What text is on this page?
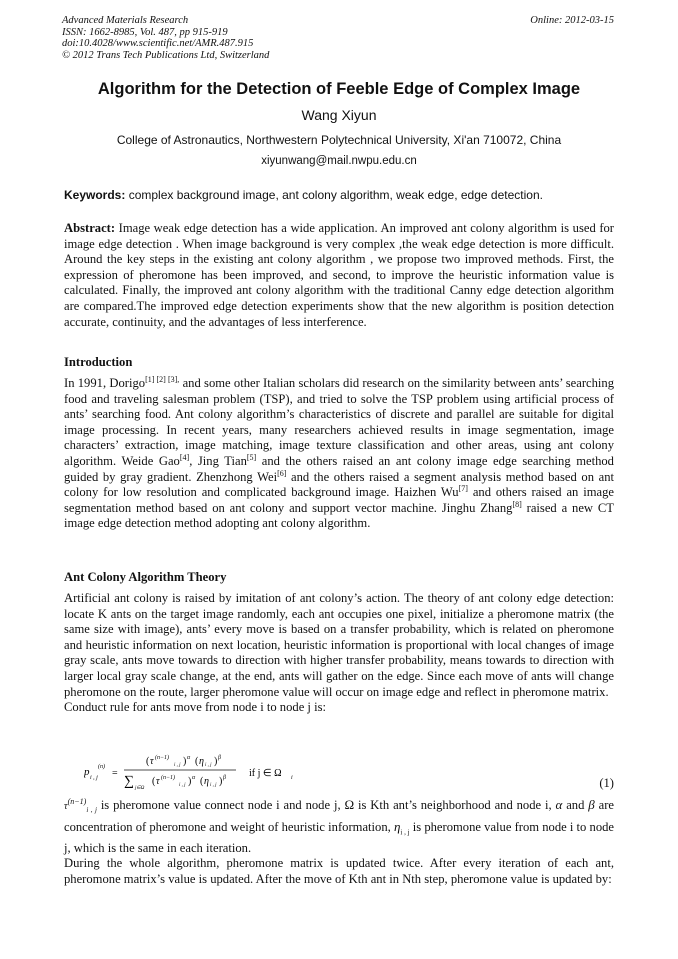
Advanced Materials Research
ISSN: 1662-8985, Vol. 487, pp 915-919
doi:10.4028/www.scientific.net/AMR.487.915
© 2012 Trans Tech Publications Ltd, Switzerland
Online: 2012-03-15
Algorithm for the Detection of Feeble Edge of Complex Image
Wang Xiyun
College of Astronautics, Northwestern Polytechnical University, Xi'an 710072, China
xiyunwang@mail.nwpu.edu.cn
Keywords: complex background image, ant colony algorithm, weak edge, edge detection.
Abstract: Image weak edge detection has a wide application. An improved ant colony algorithm is used for image edge detection . When image background is very complex ,the weak edge detection is more difficult. Around the key steps in the existing ant colony algorithm , we propose two improved methods. First, the expression of pheromone has been improved, and second, to improve the heuristic information value is calculated. Finally, the improved ant colony algorithm with the traditional Canny edge detection algorithm are compared.The improved edge detection experiments show that the new algorithm is position detection accurate, continuity, and the advantages of less interference.
Introduction
In 1991, Dorigo$^{[1] [2] [3],}$ and some other Italian scholars did research on the similarity between ants’ searching food and traveling salesman problem (TSP), and tried to solve the TSP problem using artificial process of ants’ searching food. Ant colony algorithm’s characteristics of discrete and parallel are suitable for digital image processing. In recent years, many researchers achieved results in image segmentation, image characters’ extraction, image matching, image texture classification and other areas, using ant colony algorithm. Weide Gao[4], Jing Tian[5] and the others raised an ant colony image edge searching method guided by gray gradient. Zhenzhong Wei[6] and the others raised a segment analysis method based on ant colony for low resolution and complicated background image. Haizhen Wu[7] and others raised an image segmentation method based on ant colony and support vector machine. Jinghu Zhang[8] raised a new CT image edge detection method adopting ant colony algorithm.
Ant Colony Algorithm Theory
Artificial ant colony is raised by imitation of ant colony’s action. The theory of ant colony edge detection: locate K ants on the target image randomly, each ant occupies one pixel, initialize a pheromone matrix (the same size with image), ants’ every move is based on a transfer probability, which is related on pheromone and heuristic information on next location, heuristic information is proportional with local changes of image gray scale, ants move towards to direction with higher transfer probability, means towards to direction with larger local gray scale change, at the end, ants will gather on the edge. Since each move of ants will change pheromone on the route, larger pheromone value will occur on image edge and reflect in pheromone matrix.
Conduct rule for ants move from node i to node j is:
p i , j
(n)
=
( τ (n−1)
i , j ) α ( η i , j ) β
∑ j∈Ω
( τ (n−1)
i , j ) α ( η i , j ) β if j ∈ Ω i	(1)
$\tau^{(n-1)}_{i , j}$ is pheromone value connect node i and node j, Ω is Kth ant’s neighborhood and node i, α and β are concentration of pheromone and weight of heuristic information, $\eta_{i , j}$ is pheromone value from node i to node j, which is the same in each iteration.
During the whole algorithm, pheromone matrix is updated twice. After every iteration of each ant, pheromone matrix’s value is updated. After the move of Kth ant in Nth step, pheromone value is updated by:
